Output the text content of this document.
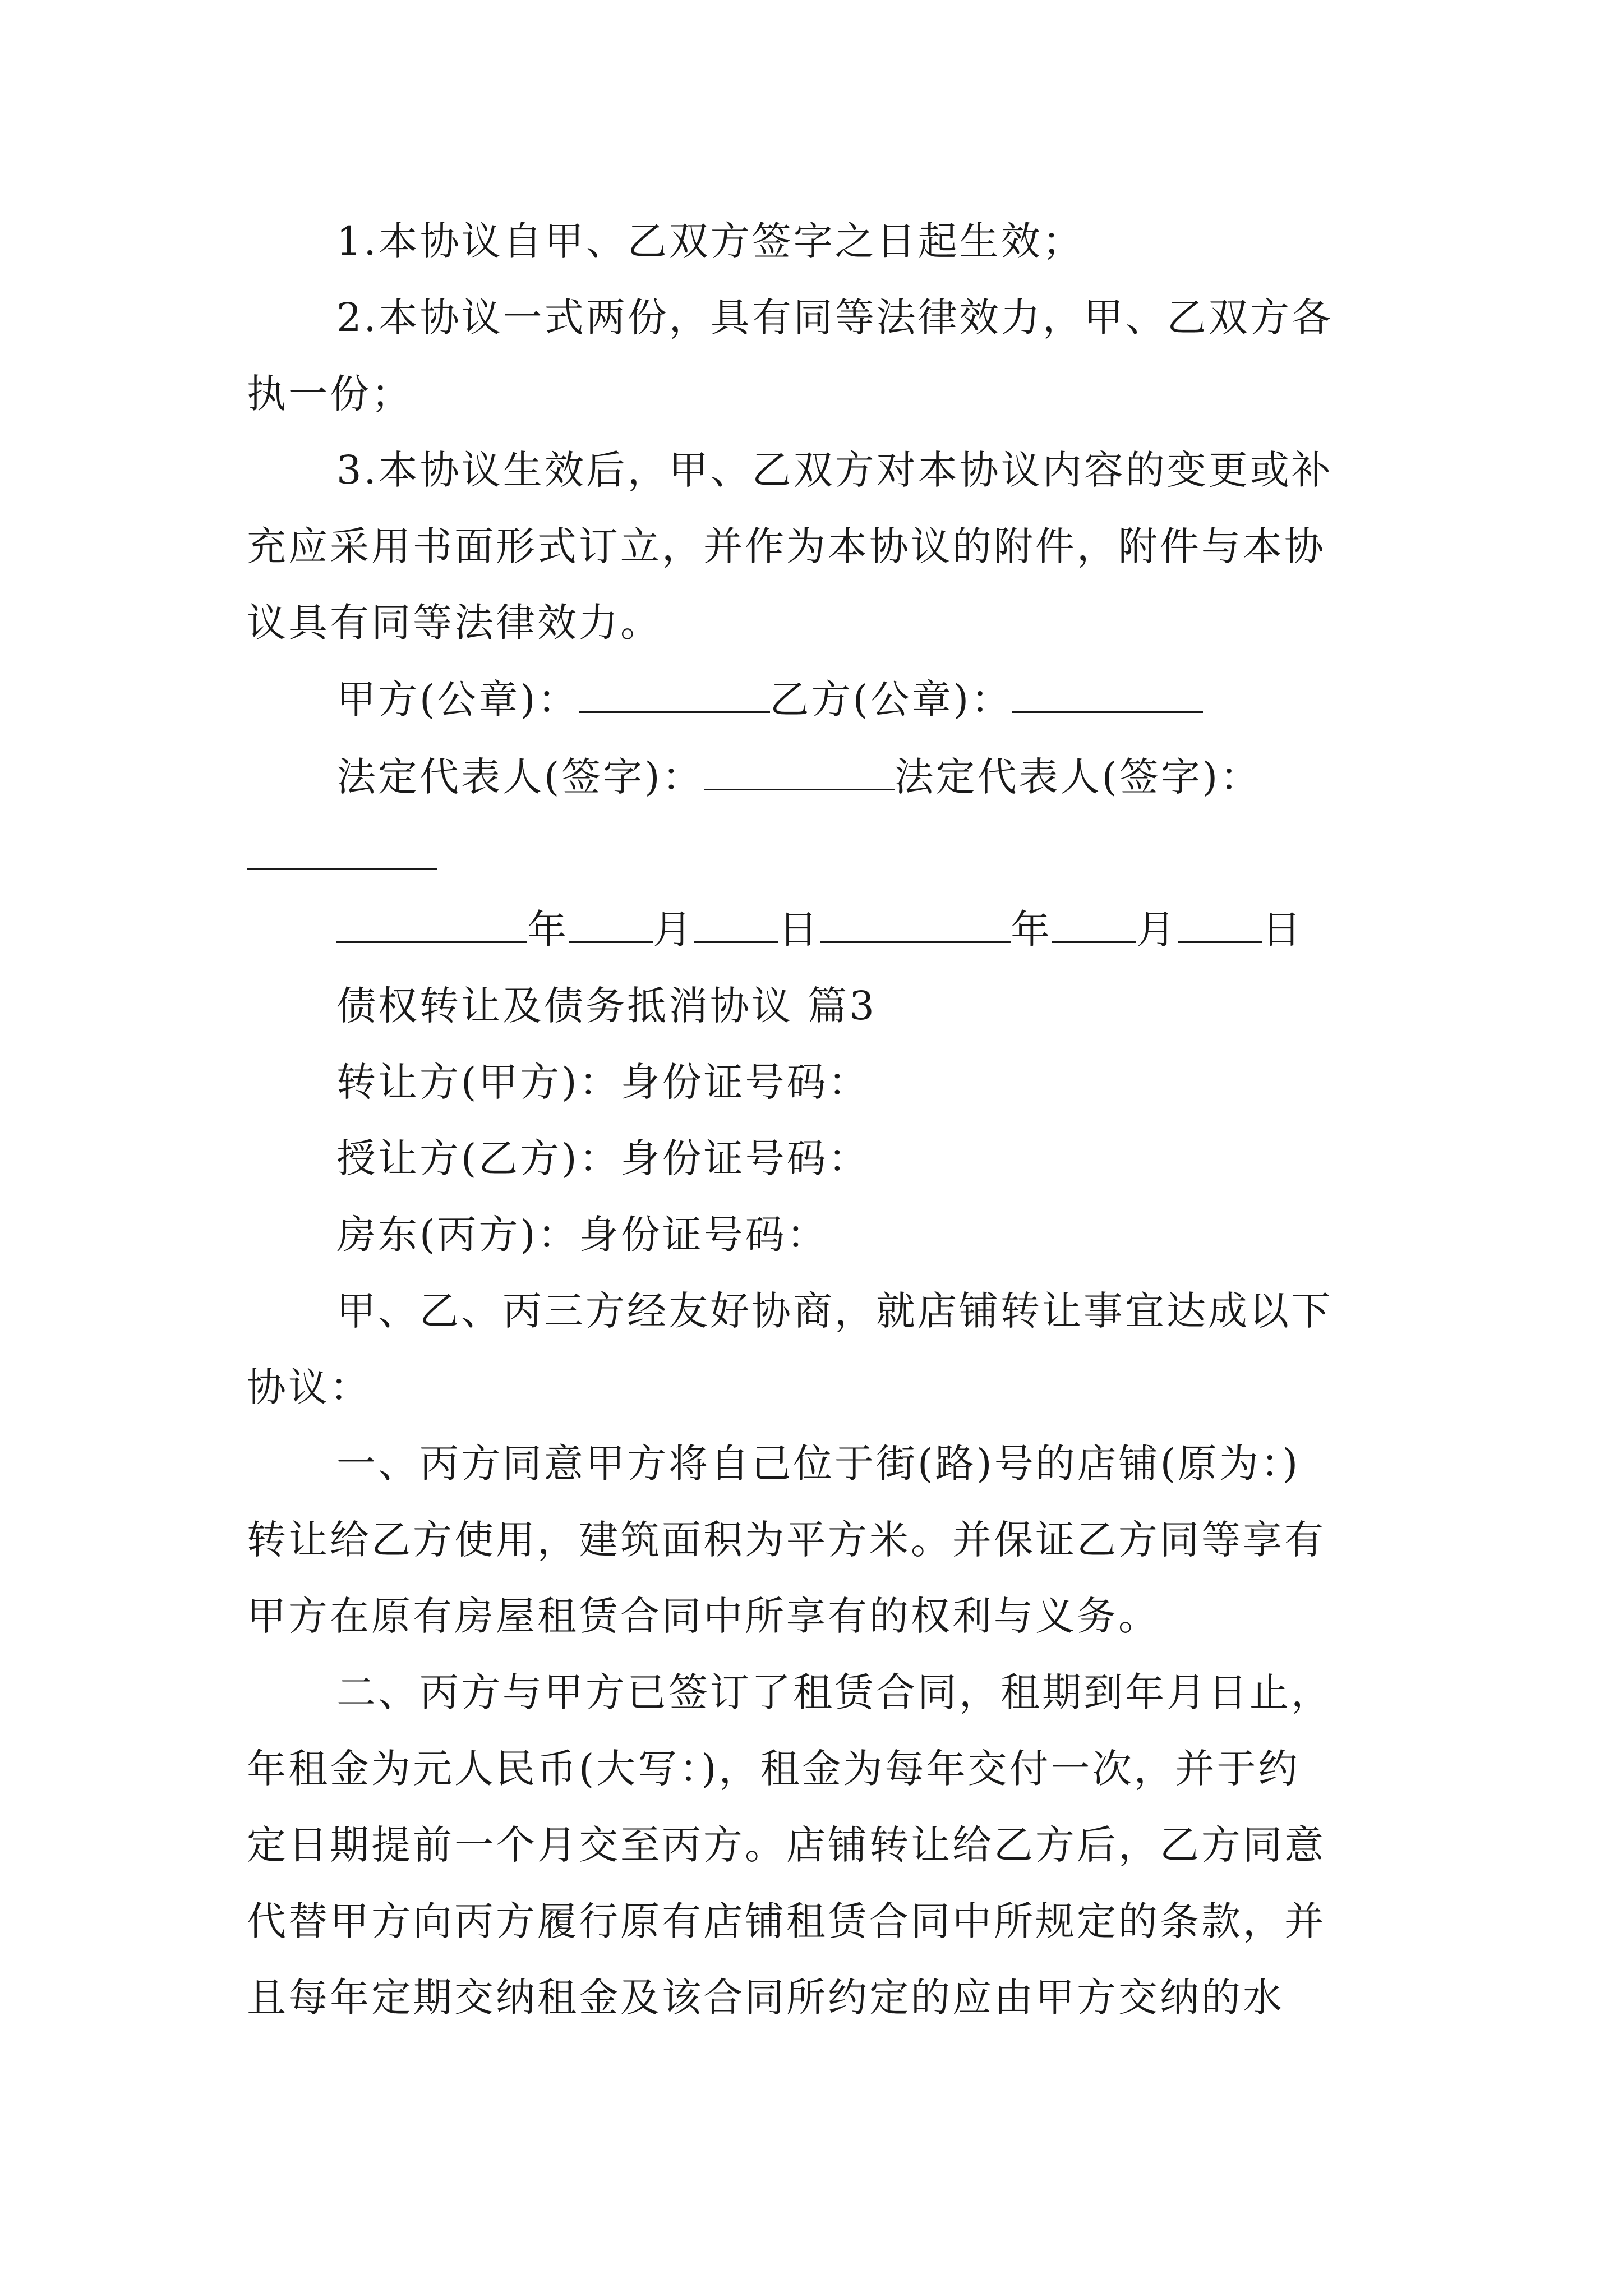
1.本协议自甲、乙双方签字之日起生效；
2.本协议一式两份，具有同等法律效力，甲、乙双方各
执一份；
3.本协议生效后，甲、乙双方对本协议内容的变更或补
充应采用书面形式订立，并作为本协议的附件，附件与本协
议具有同等法律效力。
甲方(公章)：	乙方(公章)：
法定代表人(签字)：	法定代表人(签字)：
年 月 日	年 月 日
债权转让及债务抵消协议 篇3
转让方(甲方)：身份证号码：
授让方(乙方)：身份证号码：
房东(丙方)：身份证号码：
甲、乙、丙三方经友好协商，就店铺转让事宜达成以下
协议：
一、丙方同意甲方将自己位于街(路)号的店铺(原为：)
转让给乙方使用，建筑面积为平方米。并保证乙方同等享有
甲方在原有房屋租赁合同中所享有的权利与义务。
二、丙方与甲方已签订了租赁合同，租期到年月日止，
年租金为元人民币(大写：)，租金为每年交付一次，并于约
定日期提前一个月交至丙方。店铺转让给乙方后，乙方同意
代替甲方向丙方履行原有店铺租赁合同中所规定的条款，并
且每年定期交纳租金及该合同所约定的应由甲方交纳的水
